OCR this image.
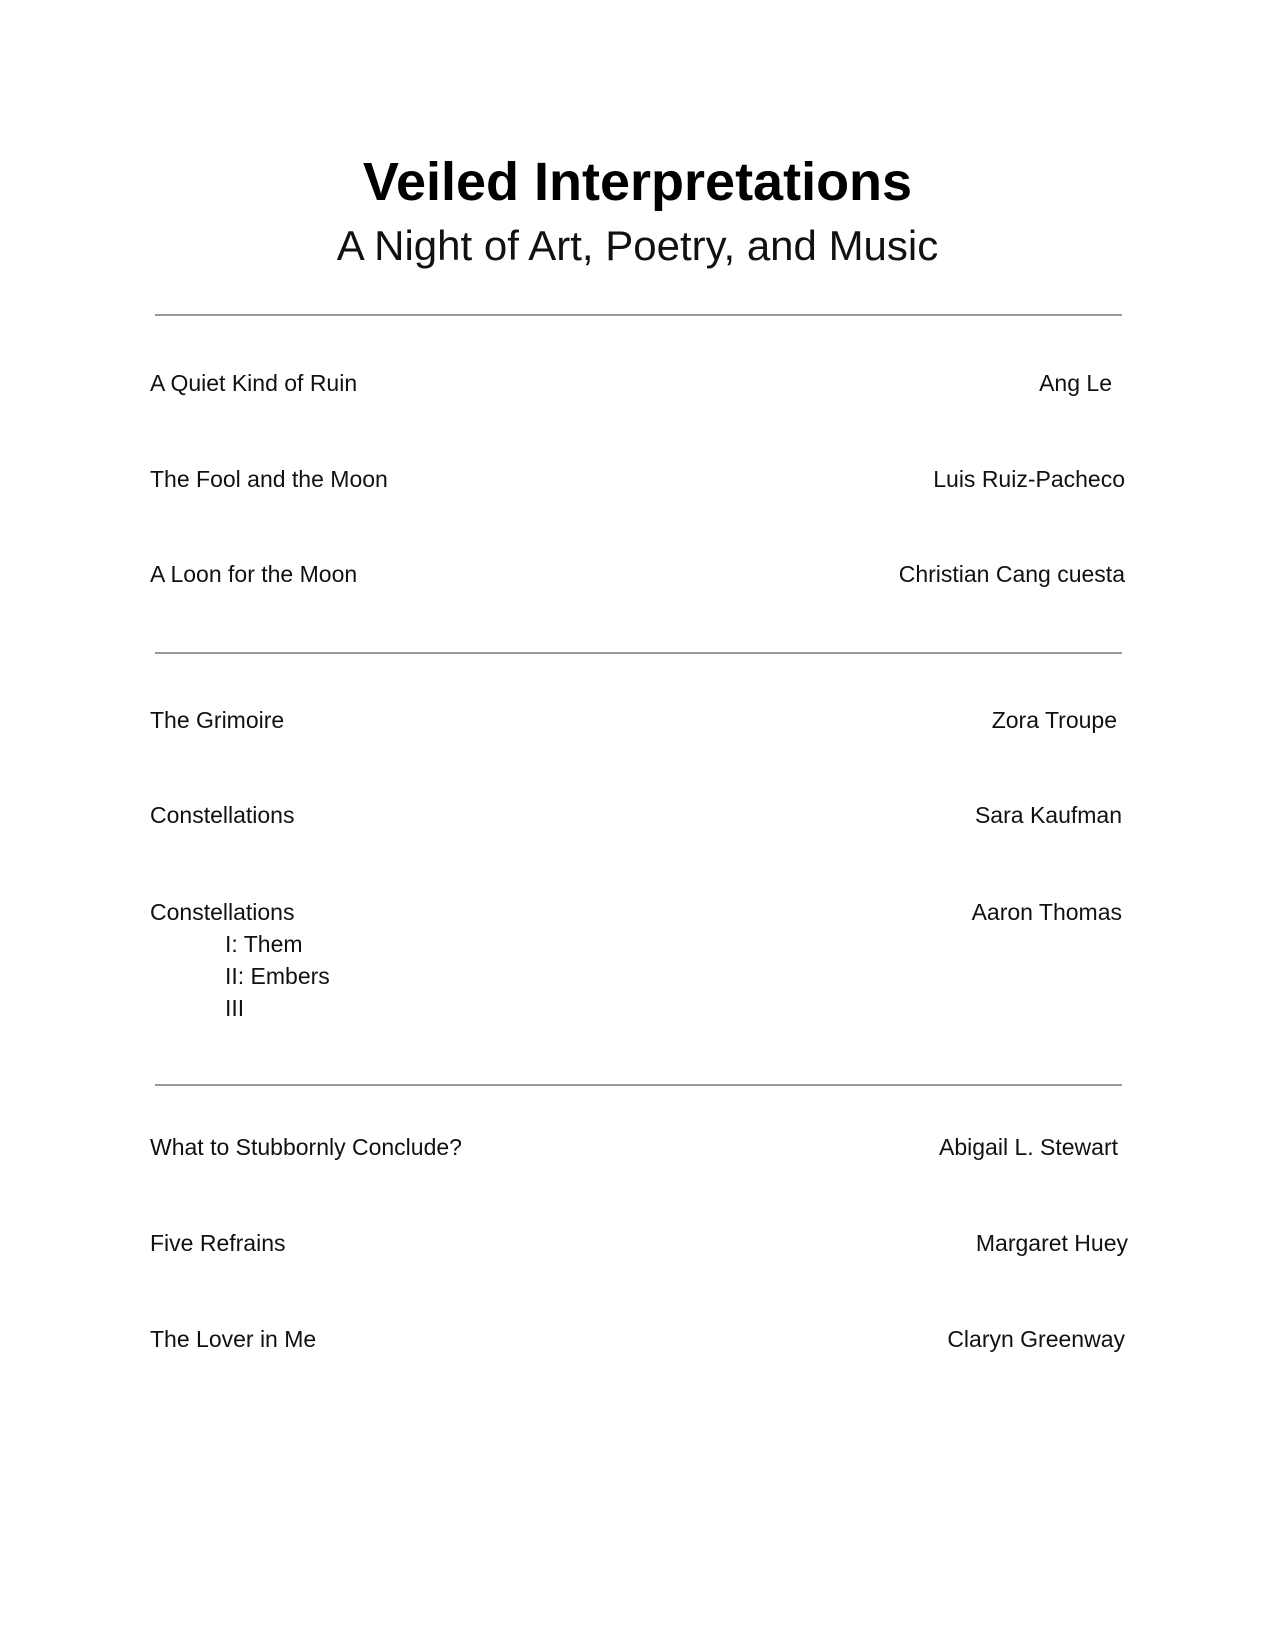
Veiled Interpretations
A Night of Art, Poetry, and Music
A Quiet Kind of Ruin	Ang Le
The Fool and the Moon	Luis Ruiz-Pacheco
A Loon for the Moon	Christian Cang cuesta
The Grimoire	Zora Troupe
Constellations	Sara Kaufman
Constellations	Aaron Thomas
I: Them
II: Embers
III
What to Stubbornly Conclude?	Abigail L. Stewart
Five Refrains	Margaret Huey
The Lover in Me	Claryn Greenway
